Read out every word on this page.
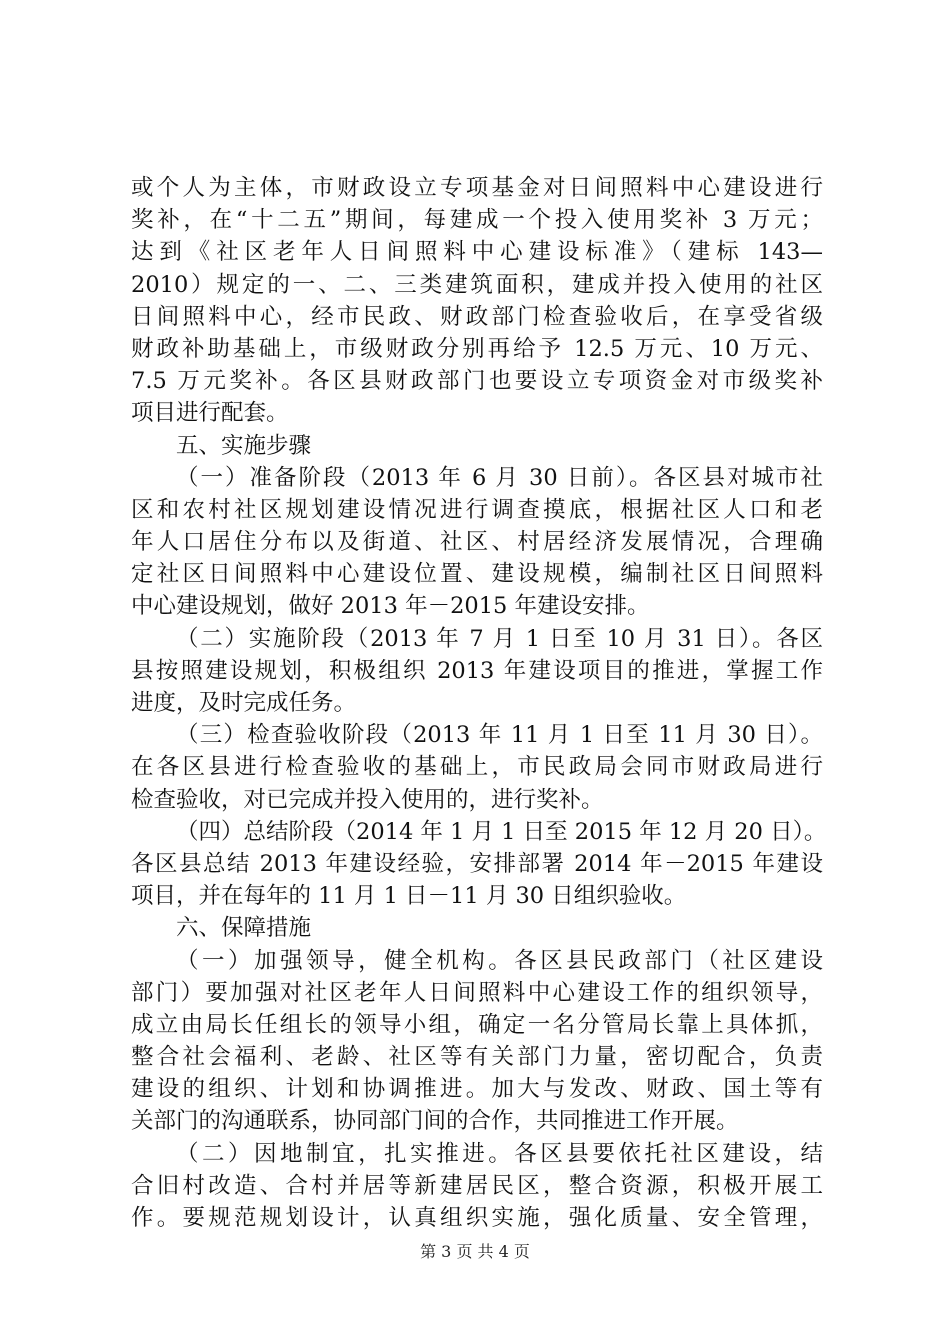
或个人为主体，市财政设立专项基金对日间照料中心建设进行
奖补，在“十二五”期间，每建成一个投入使用奖补 3 万元；
达到《社区老年人日间照料中心建设标准》（建标 143—
2010）规定的一、二、三类建筑面积，建成并投入使用的社区
日间照料中心，经市民政、财政部门检查验收后，在享受省级
财政补助基础上，市级财政分别再给予 12.5 万元、10 万元、
7.5 万元奖补。各区县财政部门也要设立专项资金对市级奖补
项目进行配套。
五、实施步骤
（一）准备阶段（2013 年 6 月 30 日前）。各区县对城市社
区和农村社区规划建设情况进行调查摸底，根据社区人口和老
年人口居住分布以及街道、社区、村居经济发展情况，合理确
定社区日间照料中心建设位置、建设规模，编制社区日间照料
中心建设规划，做好 2013 年－2015 年建设安排。
（二）实施阶段（2013 年 7 月 1 日至 10 月 31 日）。各区
县按照建设规划，积极组织 2013 年建设项目的推进，掌握工作
进度，及时完成任务。
（三）检查验收阶段（2013 年 11 月 1 日至 11 月 30 日）。
在各区县进行检查验收的基础上，市民政局会同市财政局进行
检查验收，对已完成并投入使用的，进行奖补。
（四）总结阶段（2014 年 1 月 1 日至 2015 年 12 月 20 日）。
各区县总结 2013 年建设经验，安排部署 2014 年－2015 年建设
项目，并在每年的 11 月 1 日－11 月 30 日组织验收。
六、保障措施
（一）加强领导，健全机构。各区县民政部门（社区建设
部门）要加强对社区老年人日间照料中心建设工作的组织领导，
成立由局长任组长的领导小组，确定一名分管局长靠上具体抓，
整合社会福利、老龄、社区等有关部门力量，密切配合，负责
建设的组织、计划和协调推进。加大与发改、财政、国土等有
关部门的沟通联系，协同部门间的合作，共同推进工作开展。
（二）因地制宜，扎实推进。各区县要依托社区建设，结
合旧村改造、合村并居等新建居民区，整合资源，积极开展工
作。要规范规划设计，认真组织实施，强化质量、安全管理，
第 3 页 共 4 页
